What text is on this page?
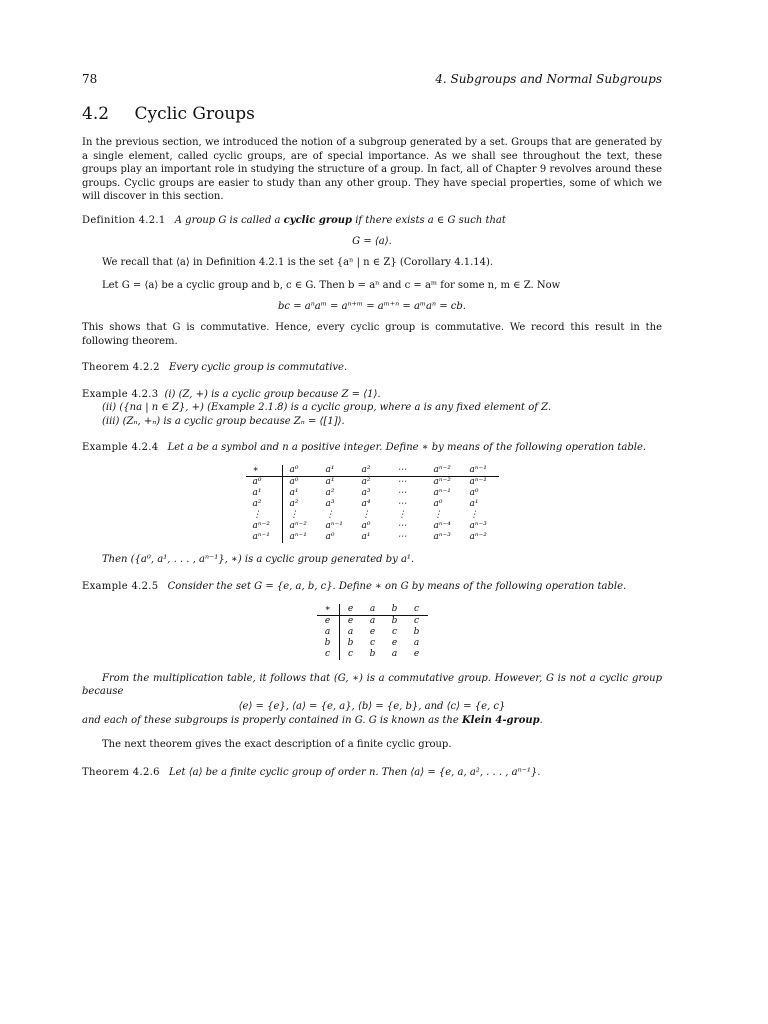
78	4. Subgroups and Normal Subgroups
4.2 Cyclic Groups

In the previous section, we introduced the notion of a subgroup generated by a set. Groups that are generated by a single element, called cyclic groups, are of special importance. As we shall see throughout the text, these groups play an important role in studying the structure of a group. In fact, all of Chapter 9 revolves around these groups. Cyclic groups are easier to study than any other group. They have special properties, some of which we will discover in this section.

Definition 4.2.1 A group G is called a cyclic group if there exists a ∈ G such that

G = ⟨a⟩.

We recall that ⟨a⟩ in Definition 4.2.1 is the set {aⁿ | n ∈ Z} (Corollary 4.1.14).

Let G = ⟨a⟩ be a cyclic group and b, c ∈ G. Then b = aⁿ and c = aᵐ for some n, m ∈ Z. Now

bc = aⁿaᵐ = aⁿ⁺ᵐ = aᵐ⁺ⁿ = aᵐaⁿ = cb.

This shows that G is commutative. Hence, every cyclic group is commutative. We record this result in the following theorem.

Theorem 4.2.2 Every cyclic group is commutative.

Example 4.2.3 (i) (Z, +) is a cyclic group because Z = ⟨1⟩.

(ii) ({na | n ∈ Z}, +) (Example 2.1.8) is a cyclic group, where a is any fixed element of Z.

(iii) (Zₙ, +ₙ) is a cyclic group because Zₙ = ⟨[1]⟩.

Example 4.2.4 Let a be a symbol and n a positive integer. Define ∗ by means of the following operation table.

∗	a⁰	a¹	a²	⋯	aⁿ⁻²	aⁿ⁻¹
a⁰	a⁰	a¹	a²	⋯	aⁿ⁻²	aⁿ⁻¹
a¹	a¹	a²	a³	⋯	aⁿ⁻¹	a⁰
a²	a²	a³	a⁴	⋯	a⁰	a¹
⋮	⋮	⋮	⋮	⋮	⋮	⋮
aⁿ⁻²	aⁿ⁻²	aⁿ⁻¹	a⁰	⋯	aⁿ⁻⁴	aⁿ⁻³
aⁿ⁻¹	aⁿ⁻¹	a⁰	a¹	⋯	aⁿ⁻³	aⁿ⁻²

Then ({a⁰, a¹, . . . , aⁿ⁻¹}, ∗) is a cyclic group generated by a¹.

Example 4.2.5 Consider the set G = {e, a, b, c}. Define ∗ on G by means of the following operation table.

∗	e	a	b	c
e	e	a	b	c
a	a	e	c	b
b	b	c	e	a
c	c	b	a	e

From the multiplication table, it follows that (G, ∗) is a commutative group. However, G is not a cyclic group because

⟨e⟩ = {e}, ⟨a⟩ = {e, a}, ⟨b⟩ = {e, b}, and ⟨c⟩ = {e, c}

and each of these subgroups is properly contained in G. G is known as the Klein 4-group.

The next theorem gives the exact description of a finite cyclic group.

Theorem 4.2.6 Let ⟨a⟩ be a finite cyclic group of order n. Then ⟨a⟩ = {e, a, a², . . . , aⁿ⁻¹}.
